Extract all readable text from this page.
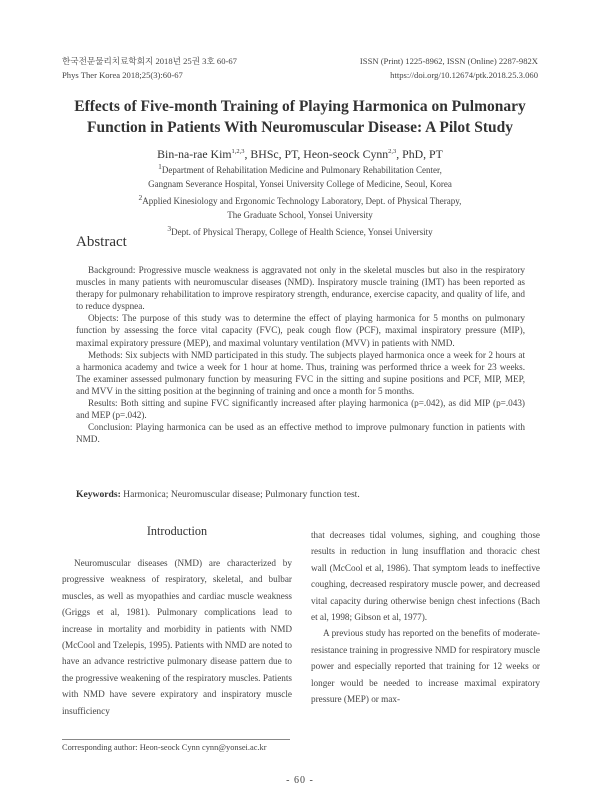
한국전문물리치료학회지 2018년 25권 3호 60-67
Phys Ther Korea 2018;25(3):60-67
ISSN (Print) 1225-8962, ISSN (Online) 2287-982X
https://doi.org/10.12674/ptk.2018.25.3.060
Effects of Five-month Training of Playing Harmonica on Pulmonary
Function in Patients With Neuromuscular Disease: A Pilot Study
Bin-na-rae Kim$^{1,2,3}$, BHSc, PT, Heon-seock Cynn$^{2,3}$, PhD, PT
$^1$Department of Rehabilitation Medicine and Pulmonary Rehabilitation Center,
Gangnam Severance Hospital, Yonsei University College of Medicine, Seoul, Korea
$^2$Applied Kinesiology and Ergonomic Technology Laboratory, Dept. of Physical Therapy,
The Graduate School, Yonsei University
$^3$Dept. of Physical Therapy, College of Health Science, Yonsei University
Abstract

Background: Progressive muscle weakness is aggravated not only in the skeletal muscles but also in the respiratory muscles in many patients with neuromuscular diseases (NMD). Inspiratory muscle training (IMT) has been reported as therapy for pulmonary rehabilitation to improve respiratory strength, endurance, exercise capacity, and quality of life, and to reduce dyspnea.

Objects: The purpose of this study was to determine the effect of playing harmonica for 5 months on pulmonary function by assessing the force vital capacity (FVC), peak cough flow (PCF), maximal inspiratory pressure (MIP), maximal expiratory pressure (MEP), and maximal voluntary ventilation (MVV) in patients with NMD.

Methods: Six subjects with NMD participated in this study. The subjects played harmonica once a week for 2 hours at a harmonica academy and twice a week for 1 hour at home. Thus, training was performed thrice a week for 23 weeks. The examiner assessed pulmonary function by measuring FVC in the sitting and supine positions and PCF, MIP, MEP, and MVV in the sitting position at the beginning of training and once a month for 5 months.

Results: Both sitting and supine FVC significantly increased after playing harmonica (p=.042), as did MIP (p=.043) and MEP (p=.042).

Conclusion: Playing harmonica can be used as an effective method to improve pulmonary function in patients with NMD.

Keywords: Harmonica; Neuromuscular disease; Pulmonary function test.
Introduction

Neuromuscular diseases (NMD) are characterized by progressive weakness of respiratory, skeletal, and bulbar muscles, as well as myopathies and cardiac muscle weakness (Griggs et al, 1981). Pulmonary complications lead to increase in mortality and morbidity in patients with NMD (McCool and Tzelepis, 1995). Patients with NMD are noted to have an advance restrictive pulmonary disease pattern due to the progressive weakening of the respiratory muscles. Patients with NMD have severe expiratory and inspiratory muscle insufficiency

that decreases tidal volumes, sighing, and coughing those results in reduction in lung insufflation and thoracic chest wall (McCool et al, 1986). That symptom leads to ineffective coughing, decreased respiratory muscle power, and decreased vital capacity during otherwise benign chest infections (Bach et al, 1998; Gibson et al, 1977).

A previous study has reported on the benefits of moderate-resistance training in progressive NMD for respiratory muscle power and especially reported that training for 12 weeks or longer would be needed to increase maximal expiratory pressure (MEP) or max-

Corresponding author: Heon-seock Cynn cynn@yonsei.ac.kr
- 60 -
